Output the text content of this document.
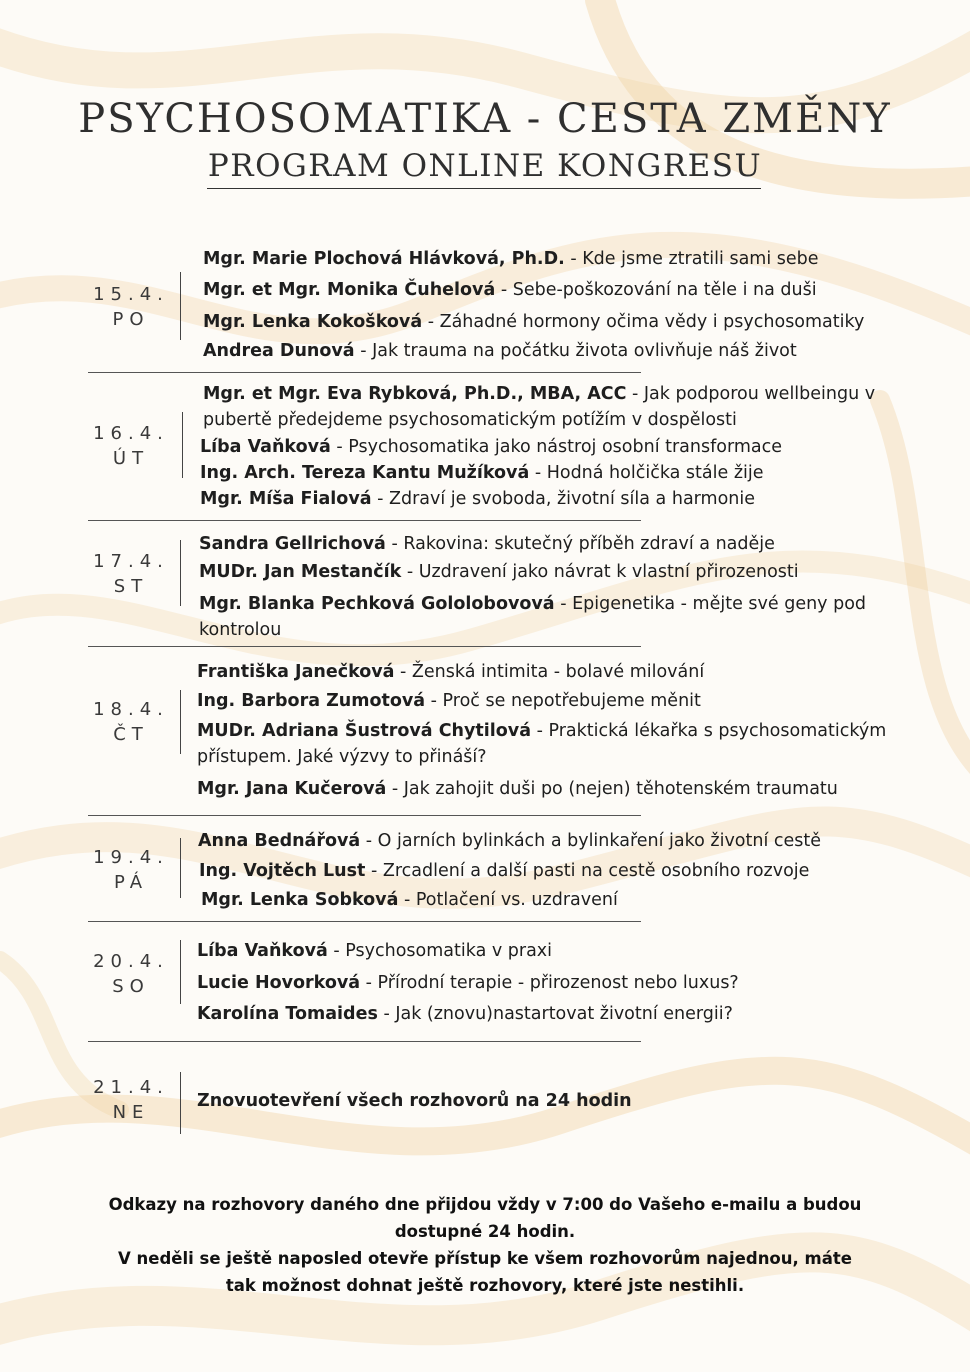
PSYCHOSOMATIKA - CESTA ZMĚNY
PROGRAM ONLINE KONGRESU
15.4.
PO
Mgr. Marie Plochová Hlávková, Ph.D. - Kde jsme ztratili sami sebe
Mgr. et Mgr. Monika Čuhelová - Sebe-poškozování na těle i na duši
Mgr. Lenka Kokošková - Záhadné hormony očima vědy i psychosomatiky
Andrea Dunová - Jak trauma na počátku života ovlivňuje náš život
16.4.
ÚT
Mgr. et Mgr. Eva Rybková, Ph.D., MBA, ACC - Jak podporou wellbeingu v pubertě předejdeme psychosomatickým potížím v dospělosti
Líba Vaňková - Psychosomatika jako nástroj osobní transformace
Ing. Arch. Tereza Kantu Mužíková - Hodná holčička stále žije
Mgr. Míša Fialová - Zdraví je svoboda, životní síla a harmonie
17.4.
ST
Sandra Gellrichová - Rakovina: skutečný příběh zdraví a naděje
MUDr. Jan Mestančík - Uzdravení jako návrat k vlastní přirozenosti
Mgr. Blanka Pechková Gololobovová - Epigenetika - mějte své geny pod kontrolou
18.4.
ČT
Františka Janečková - Ženská intimita - bolavé milování
Ing. Barbora Zumotová - Proč se nepotřebujeme měnit
MUDr. Adriana Šustrová Chytilová - Praktická lékařka s psychosomatickým přístupem. Jaké výzvy to přináší?
Mgr. Jana Kučerová - Jak zahojit duši po (nejen) těhotenském traumatu
19.4.
PÁ
Anna Bednářová - O jarních bylinkách a bylinkaření jako životní cestě
Ing. Vojtěch Lust - Zrcadlení a další pasti na cestě osobního rozvoje
Mgr. Lenka Sobková - Potlačení vs. uzdravení
20.4.
SO
Líba Vaňková - Psychosomatika v praxi
Lucie Hovorková - Přírodní terapie - přirozenost nebo luxus?
Karolína Tomaides - Jak (znovu)nastartovat životní energii?
21.4.
NE
Znovuotevření všech rozhovorů na 24 hodin

Odkazy na rozhovory daného dne přijdou vždy v 7:00 do Vašeho e-mailu a budou

dostupné 24 hodin.

V neděli se ještě naposled otevře přístup ke všem rozhovorům najednou, máte

tak možnost dohnat ještě rozhovory, které jste nestihli.
